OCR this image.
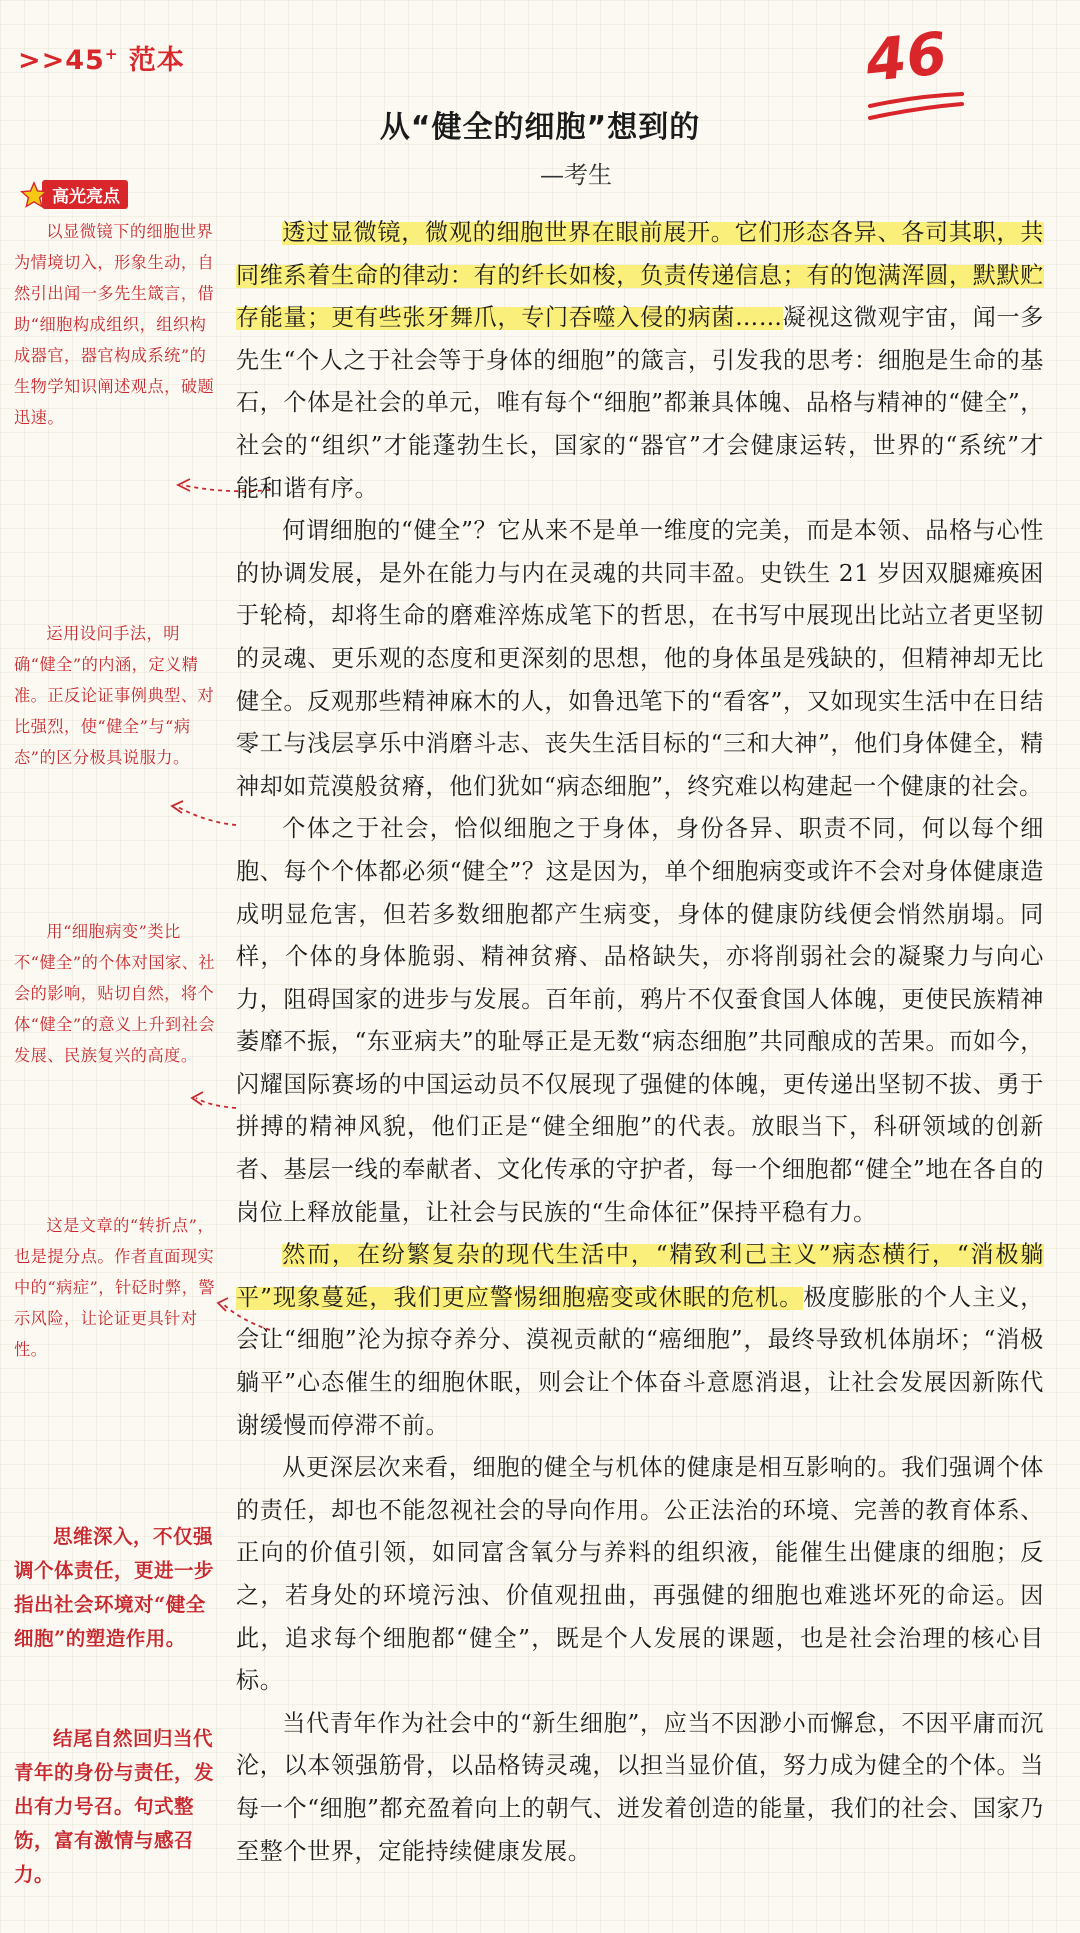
>>45+ 范本	46
从“健全的细胞”想到的
—考生
高光亮点

以显微镜下的细胞世界为情境切入，形象生动，自然引出闻一多先生箴言，借助“细胞构成组织，组织构成器官，器官构成系统”的生物学知识阐述观点，破题迅速。

运用设问手法，明确“健全”的内涵，定义精准。正反论证事例典型、对比强烈，使“健全”与“病态”的区分极具说服力。

用“细胞病变”类比不“健全”的个体对国家、社会的影响，贴切自然，将个体“健全”的意义上升到社会发展、民族复兴的高度。

这是文章的“转折点”，也是提分点。作者直面现实中的“病症”，针砭时弊，警示风险，让论证更具针对性。

思维深入，不仅强调个体责任，更进一步指出社会环境对“健全细胞”的塑造作用。

结尾自然回归当代青年的身份与责任，发出有力号召。句式整饬，富有激情与感召力。

透过显微镜，微观的细胞世界在眼前展开。它们形态各异、各司其职，共同维系着生命的律动：有的纤长如梭，负责传递信息；有的饱满浑圆，默默贮存能量；更有些张牙舞爪，专门吞噬入侵的病菌……凝视这微观宇宙，闻一多先生“个人之于社会等于身体的细胞”的箴言，引发我的思考：细胞是生命的基石，个体是社会的单元，唯有每个“细胞”都兼具体魄、品格与精神的“健全”，社会的“组织”才能蓬勃生长，国家的“器官”才会健康运转，世界的“系统”才能和谐有序。

何谓细胞的“健全”？它从来不是单一维度的完美，而是本领、品格与心性的协调发展，是外在能力与内在灵魂的共同丰盈。史铁生 21 岁因双腿瘫痪困于轮椅，却将生命的磨难淬炼成笔下的哲思，在书写中展现出比站立者更坚韧的灵魂、更乐观的态度和更深刻的思想，他的身体虽是残缺的，但精神却无比健全。反观那些精神麻木的人，如鲁迅笔下的“看客”，又如现实生活中在日结零工与浅层享乐中消磨斗志、丧失生活目标的“三和大神”，他们身体健全，精神却如荒漠般贫瘠，他们犹如“病态细胞”，终究难以构建起一个健康的社会。

个体之于社会，恰似细胞之于身体，身份各异、职责不同，何以每个细胞、每个个体都必须“健全”？这是因为，单个细胞病变或许不会对身体健康造成明显危害，但若多数细胞都产生病变，身体的健康防线便会悄然崩塌。同样，个体的身体脆弱、精神贫瘠、品格缺失，亦将削弱社会的凝聚力与向心力，阻碍国家的进步与发展。百年前，鸦片不仅蚕食国人体魄，更使民族精神萎靡不振，“东亚病夫”的耻辱正是无数“病态细胞”共同酿成的苦果。而如今，闪耀国际赛场的中国运动员不仅展现了强健的体魄，更传递出坚韧不拔、勇于拼搏的精神风貌，他们正是“健全细胞”的代表。放眼当下，科研领域的创新者、基层一线的奉献者、文化传承的守护者，每一个细胞都“健全”地在各自的岗位上释放能量，让社会与民族的“生命体征”保持平稳有力。

然而，在纷繁复杂的现代生活中，“精致利己主义”病态横行，“消极躺平”现象蔓延，我们更应警惕细胞癌变或休眠的危机。极度膨胀的个人主义，会让“细胞”沦为掠夺养分、漠视贡献的“癌细胞”，最终导致机体崩坏；“消极躺平”心态催生的细胞休眠，则会让个体奋斗意愿消退，让社会发展因新陈代谢缓慢而停滞不前。

从更深层次来看，细胞的健全与机体的健康是相互影响的。我们强调个体的责任，却也不能忽视社会的导向作用。公正法治的环境、完善的教育体系、正向的价值引领，如同富含氧分与养料的组织液，能催生出健康的细胞；反之，若身处的环境污浊、价值观扭曲，再强健的细胞也难逃坏死的命运。因此，追求每个细胞都“健全”，既是个人发展的课题，也是社会治理的核心目标。

当代青年作为社会中的“新生细胞”，应当不因渺小而懈怠，不因平庸而沉沦，以本领强筋骨，以品格铸灵魂，以担当显价值，努力成为健全的个体。当每一个“细胞”都充盈着向上的朝气、迸发着创造的能量，我们的社会、国家乃至整个世界，定能持续健康发展。
